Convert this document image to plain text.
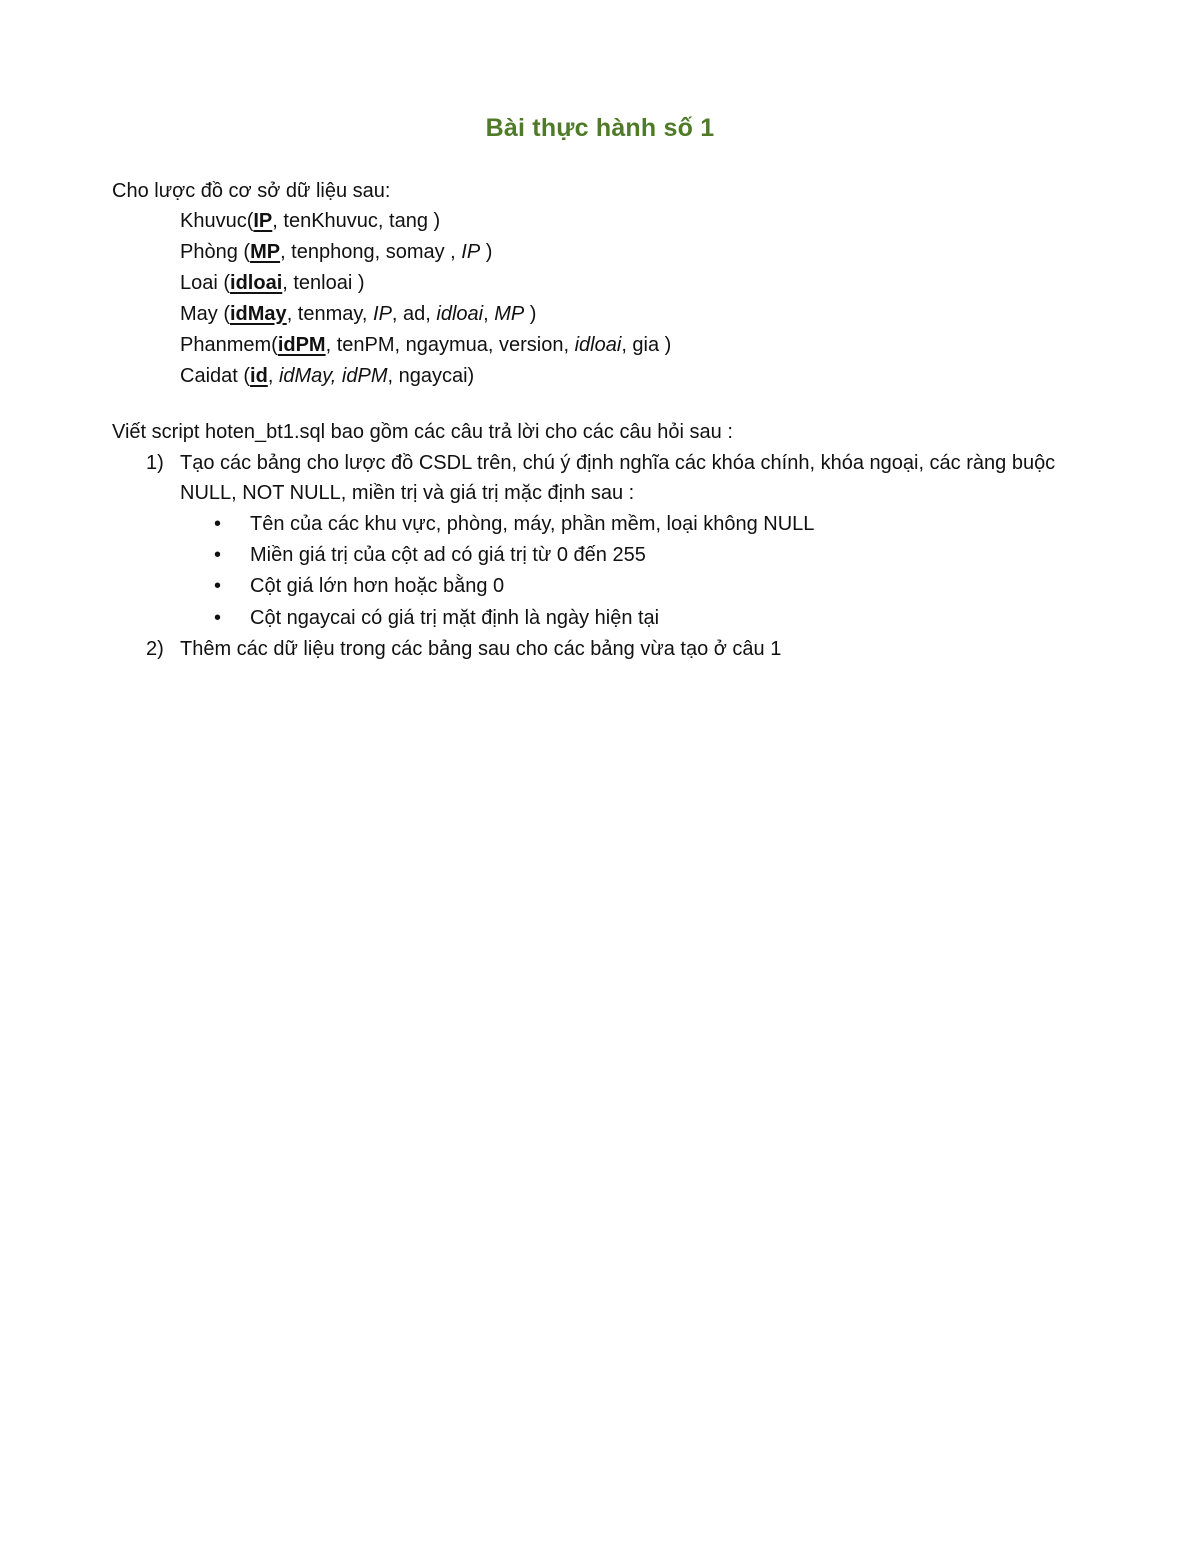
Bài thực hành số 1
Cho lược đồ cơ sở dữ liệu sau:
Khuvuc(IP, tenKhuvuc, tang )
Phòng (MP, tenphong, somay , IP )
Loai (idloai, tenloai )
May (idMay, tenmay, IP, ad, idloai, MP )
Phanmem(idPM, tenPM, ngaymua, version, idloai, gia )
Caidat (id, idMay, idPM, ngaycai)
Viết script hoten_bt1.sql bao gồm các câu trả lời cho các câu hỏi sau :
1) Tạo các bảng cho lược đồ CSDL trên, chú ý định nghĩa các khóa chính, khóa ngoại, các ràng buộc
NULL, NOT NULL, miền trị và giá trị mặc định sau :
• Tên của các khu vực, phòng, máy, phần mềm, loại không NULL
• Miền giá trị của cột ad có giá trị từ 0 đến 255
• Cột giá lớn hơn hoặc bằng 0
• Cột ngaycai có giá trị mặt định là ngày hiện tại
2) Thêm các dữ liệu trong các bảng sau cho các bảng vừa tạo ở câu 1
